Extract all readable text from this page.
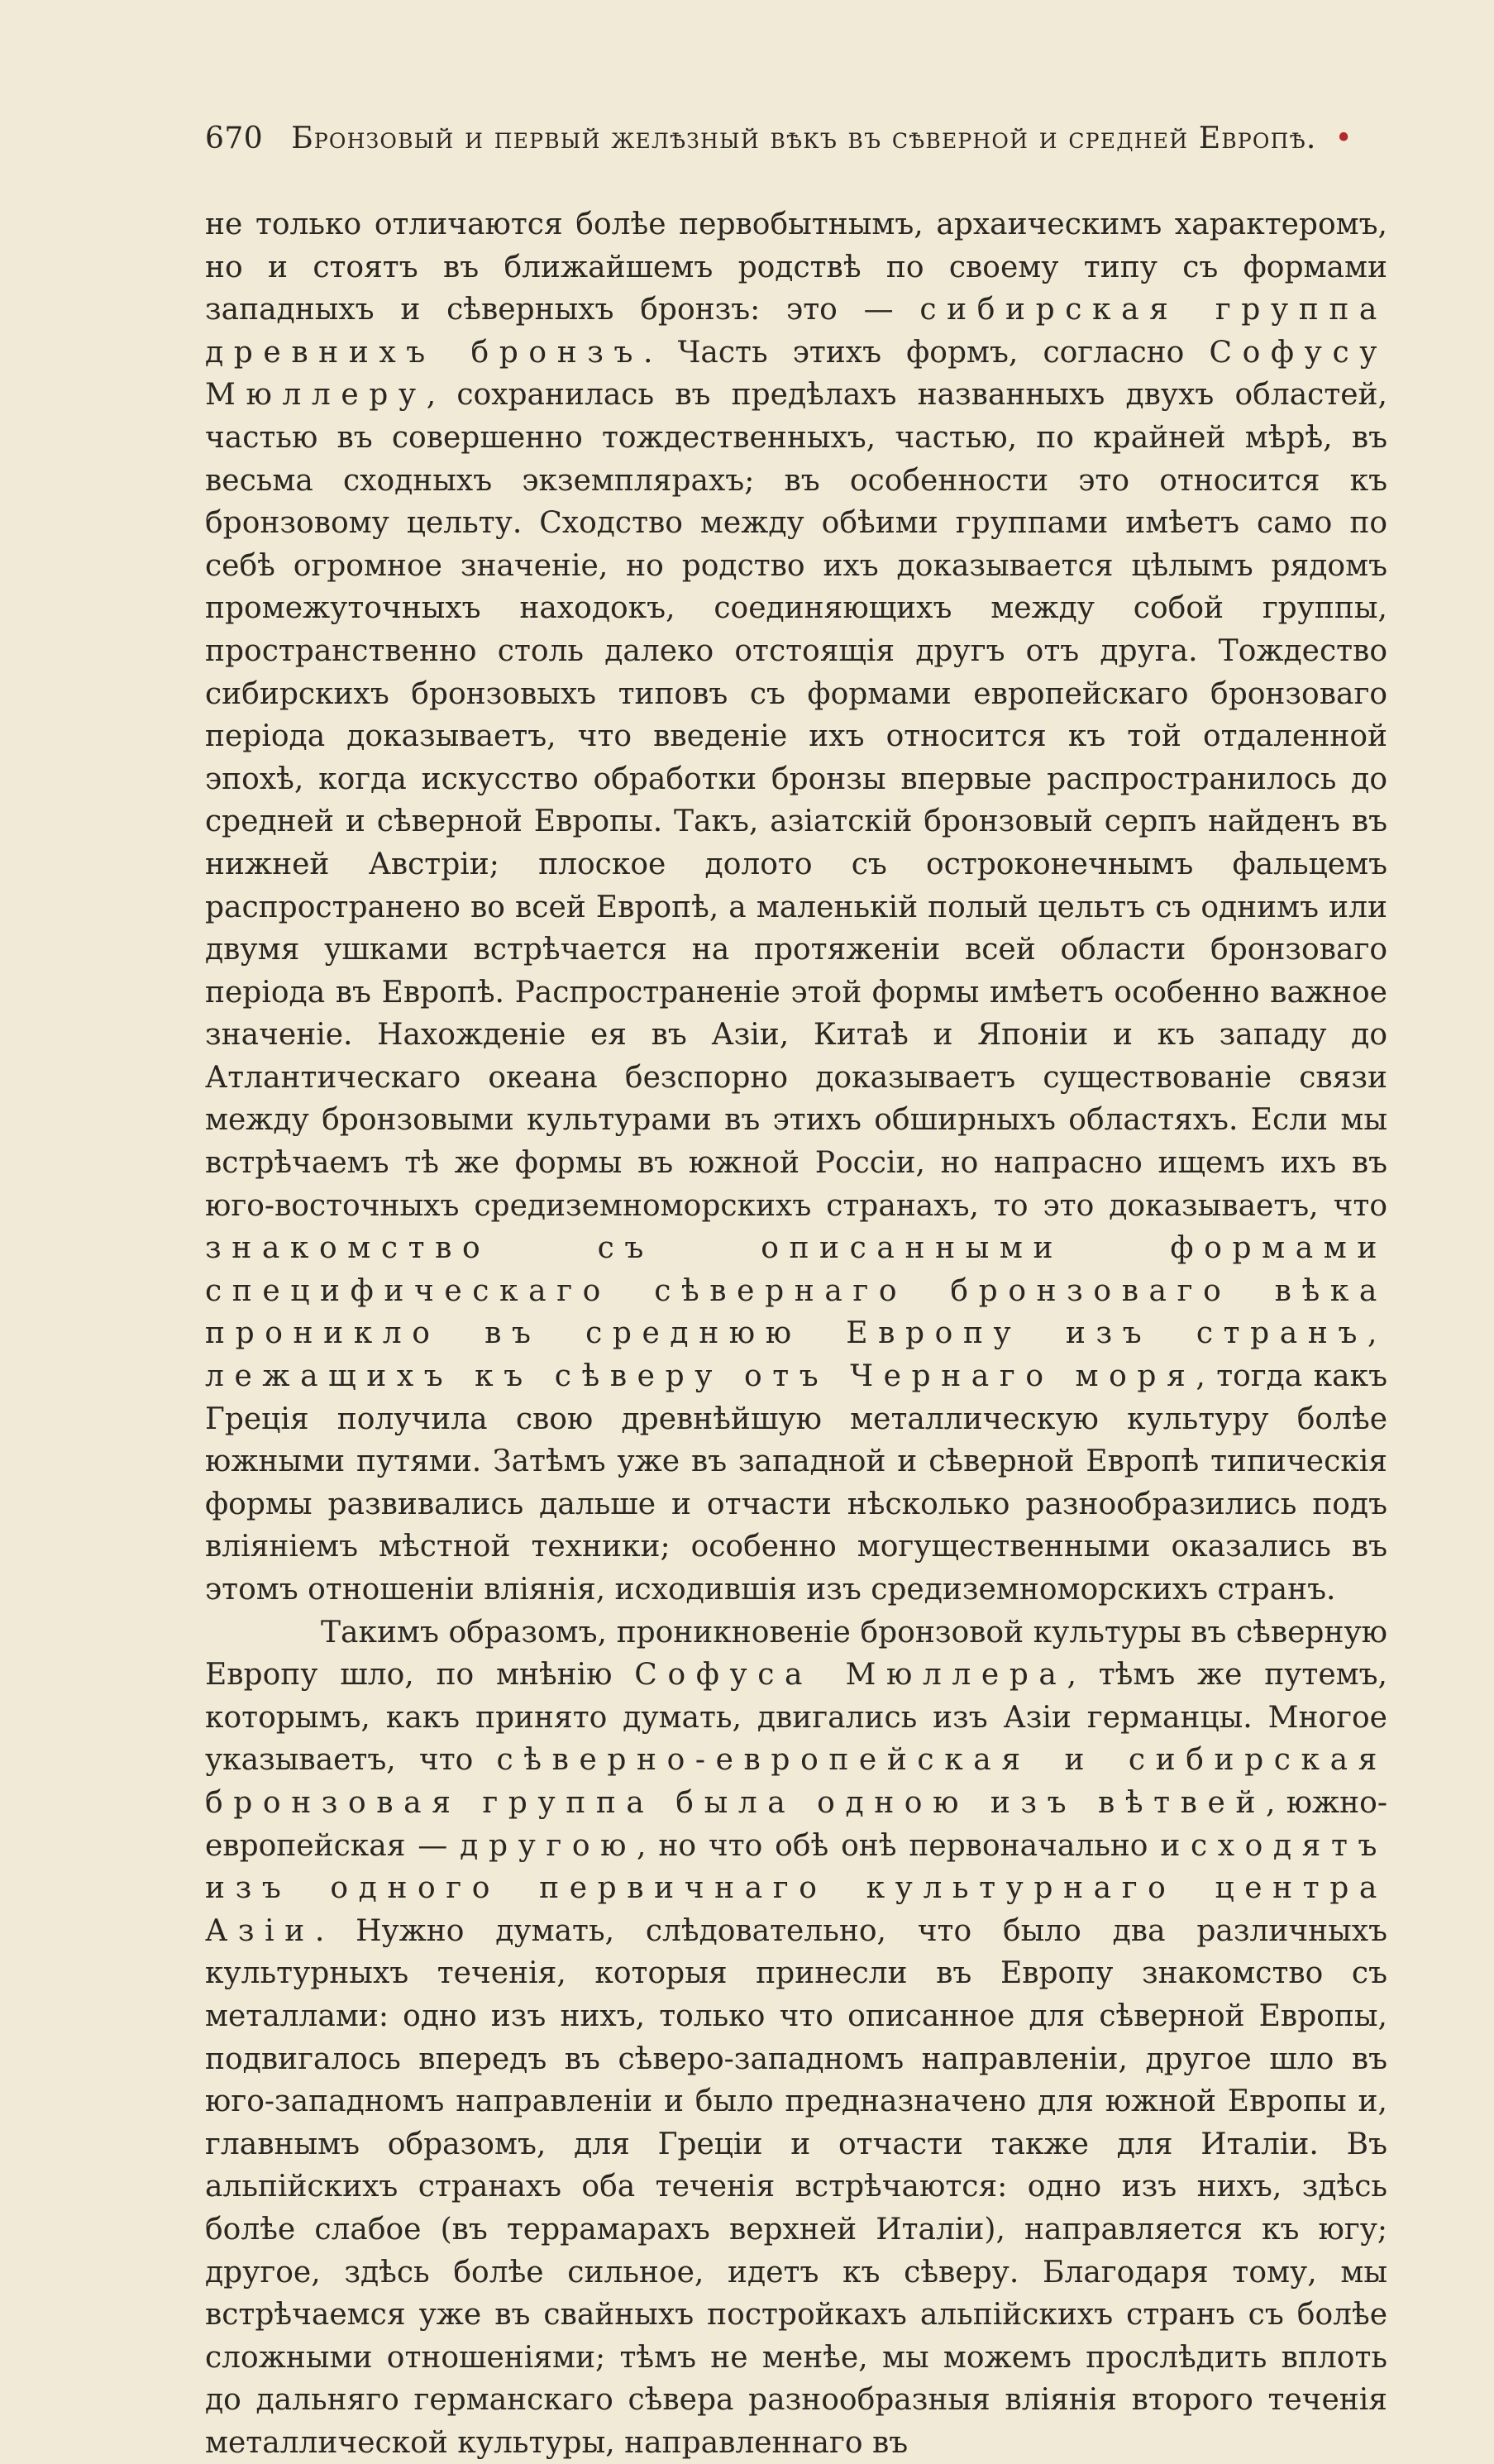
670 Бронзовый и первый желѣзный вѣкъ въ сѣверной и средней Европѣ. •

не только отличаются болѣе первобытнымъ, архаическимъ характеромъ, но и стоятъ въ ближайшемъ родствѣ по своему типу съ формами западныхъ и сѣверныхъ бронзъ: это — сибирская группа древнихъ бронзъ. Часть этихъ формъ, согласно Софусу Мюллеру, сохранилась въ предѣлахъ названныхъ двухъ областей, частью въ совершенно тождественныхъ, частью, по крайней мѣрѣ, въ весьма сходныхъ экземплярахъ; въ особенности это относится къ бронзовому цельту. Сходство между обѣими группами имѣетъ само по себѣ огромное значеніе, но родство ихъ доказывается цѣлымъ рядомъ промежуточныхъ находокъ, соединяющихъ между собой группы, пространственно столь далеко отстоящія другъ отъ друга. Тождество сибирскихъ бронзовыхъ типовъ съ формами европейскаго бронзоваго періода доказываетъ, что введеніе ихъ относится къ той отдаленной эпохѣ, когда искусство обработки бронзы впервые распространилось до средней и сѣверной Европы. Такъ, азіатскій бронзовый серпъ найденъ въ нижней Австріи; плоское долото съ остроконечнымъ фальцемъ распространено во всей Европѣ, а маленькій полый цельтъ съ однимъ или двумя ушками встрѣчается на протяженіи всей области бронзоваго періода въ Европѣ. Распространеніе этой формы имѣетъ особенно важное значеніе. Нахожденіе ея въ Азіи, Китаѣ и Японіи и къ западу до Атлантическаго океана безспорно доказываетъ существованіе связи между бронзовыми культурами въ этихъ обширныхъ областяхъ. Если мы встрѣчаемъ тѣ же формы въ южной Россіи, но напрасно ищемъ ихъ въ юго-восточныхъ средиземноморскихъ странахъ, то это доказываетъ, что знакомство съ описанными формами специфическаго сѣвернаго бронзоваго вѣка проникло въ среднюю Европу изъ странъ, лежащихъ къ сѣверу отъ Чернаго моря, тогда какъ Греція получила свою древнѣйшую металлическую культуру болѣе южными путями. Затѣмъ уже въ западной и сѣверной Европѣ типическія формы развивались дальше и отчасти нѣсколько разнообразились подъ вліяніемъ мѣстной техники; особенно могущественными оказались въ этомъ отношеніи вліянія, исходившія изъ средиземноморскихъ странъ.

Такимъ образомъ, проникновеніе бронзовой культуры въ сѣверную Европу шло, по мнѣнію Софуса Мюллера, тѣмъ же путемъ, которымъ, какъ принято думать, двигались изъ Азіи германцы. Многое указываетъ, что сѣверно-европейская и сибирская бронзовая группа была одною изъ вѣтвей, южно-европейская — другою, но что обѣ онѣ первоначально исходятъ изъ одного первичнаго культурнаго центра Азіи. Нужно думать, слѣдовательно, что было два различныхъ культурныхъ теченія, которыя принесли въ Европу знакомство съ металлами: одно изъ нихъ, только что описанное для сѣверной Европы, подвигалось впередъ въ сѣверо-западномъ направленіи, другое шло въ юго-западномъ направленіи и было предназначено для южной Европы и, главнымъ образомъ, для Греціи и отчасти также для Италіи. Въ альпійскихъ странахъ оба теченія встрѣчаются: одно изъ нихъ, здѣсь болѣе слабое (въ террамарахъ верхней Италіи), направляется къ югу; другое, здѣсь болѣе сильное, идетъ къ сѣверу. Благодаря тому, мы встрѣчаемся уже въ свайныхъ постройкахъ альпійскихъ странъ съ болѣе сложными отношеніями; тѣмъ не менѣе, мы можемъ прослѣдить вплоть до дальняго германскаго сѣвера разнообразныя вліянія второго теченія металлической культуры, направленнаго въ
